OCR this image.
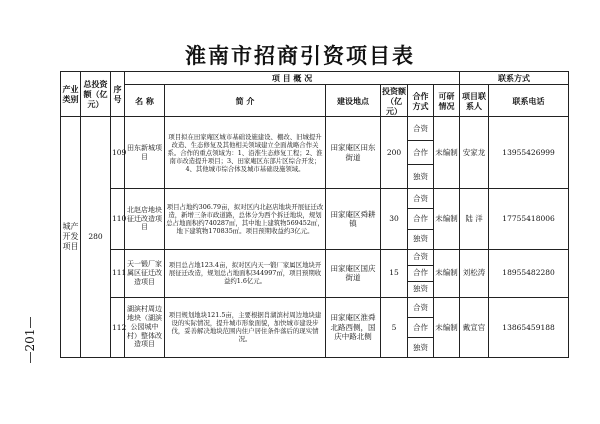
淮南市招商引资项目表
—201—
产业类别	总投资额（亿元）	序号	项 目 概 况						联系方式	
			名 称	简 介	建设地点	投资额（亿元）	合作方式	可研情况	项目联系人	联系电话
城产开发项目	280	109	田东新城项目	项目拟在田家庵区城市基础设施建设、棚改、旧城提升改造、生态修复及其他相关领域建立全面战略合作关系。合作的重点领域为：1、沿淮生态修复工程；2、淮南市改造提升项目；3、田家庵区东部片区综合开发；4、其他城市综合体及城市基础设施领域。	田家庵区田东街道	200	合资	未编制	安家龙	13955426999
							合作			
							独资			
		110	北赵店地块征迁改造项目	项目占地约306.79亩，拟对区内北赵店地块开展征迁改造，新增三条市政道路，总体分为西个拆迁地块，规划总占地面积约740287㎡，其中地上建筑物569452㎡，地下建筑物170835㎡。项目预期收益约3亿元。	田家庵区舜耕镇	30	合资	未编制	陆 洋	17755418006
							合作			
							独资			
		111	天一锻厂家属区征迁改造项目	项目总占地123.4亩，拟对区内天一锻厂家属区地块开展征迁改造，规划总占地面积344997㎡，项目预期收益约1.6亿元。	田家庵区国庆街道	15	合资	未编制	刘松涛	18955482280
							合作			
							独资			
		112	湖滨村周边地块（湖滨公园城中村）整体改造项目	项目规划地块121.5亩，主要根据肖湖滨村周边地块建设的实际情况，提升城市形象面貌，加快城市建设步伐，妥善解决地块范围内住户居住条件落后的现实情况。	田家庵区淮舜北路西侧，国庆中路北侧	5	合资	未编制	戴宣官	13865459188
							合作			
							独资			
